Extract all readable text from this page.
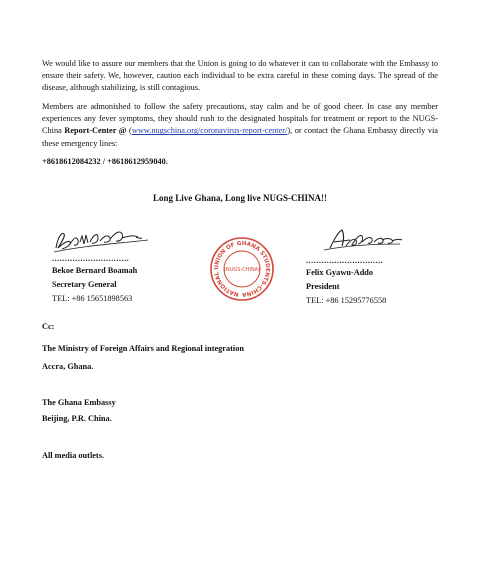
We would like to assure our members that the Union is going to do whatever it can to collaborate with the Embassy to ensure their safety. We, however, caution each individual to be extra careful in these coming days. The spread of the disease, although stabilizing, is still contagious.

Members are admonished to follow the safety precautions, stay calm and be of good cheer. In case any member experiences any fever symptoms, they should rush to the designated hospitals for treatment or report to the NUGS-China Report-Center @ (www.nugschina.org/coronavirus-report-center/), or contact the Ghana Embassy directly via these emergency lines:

+8618612084232 / +8618612959040.

Long Live Ghana, Long live NUGS-CHINA!!
NATIONAL UNION OF GHANA STUDENTS-CHINA
(NUGS-CHINA)
..............................
Bekoe Bernard Boamah
Secretary General
TEL: +86 15651898563
..............................
Felix Gyawu-Addo
President
TEL: +86 15295776558
Cc:
The Ministry of Foreign Affairs and Regional integration
Accra, Ghana.
The Ghana Embassy
Beijing, P.R. China.
All media outlets.
